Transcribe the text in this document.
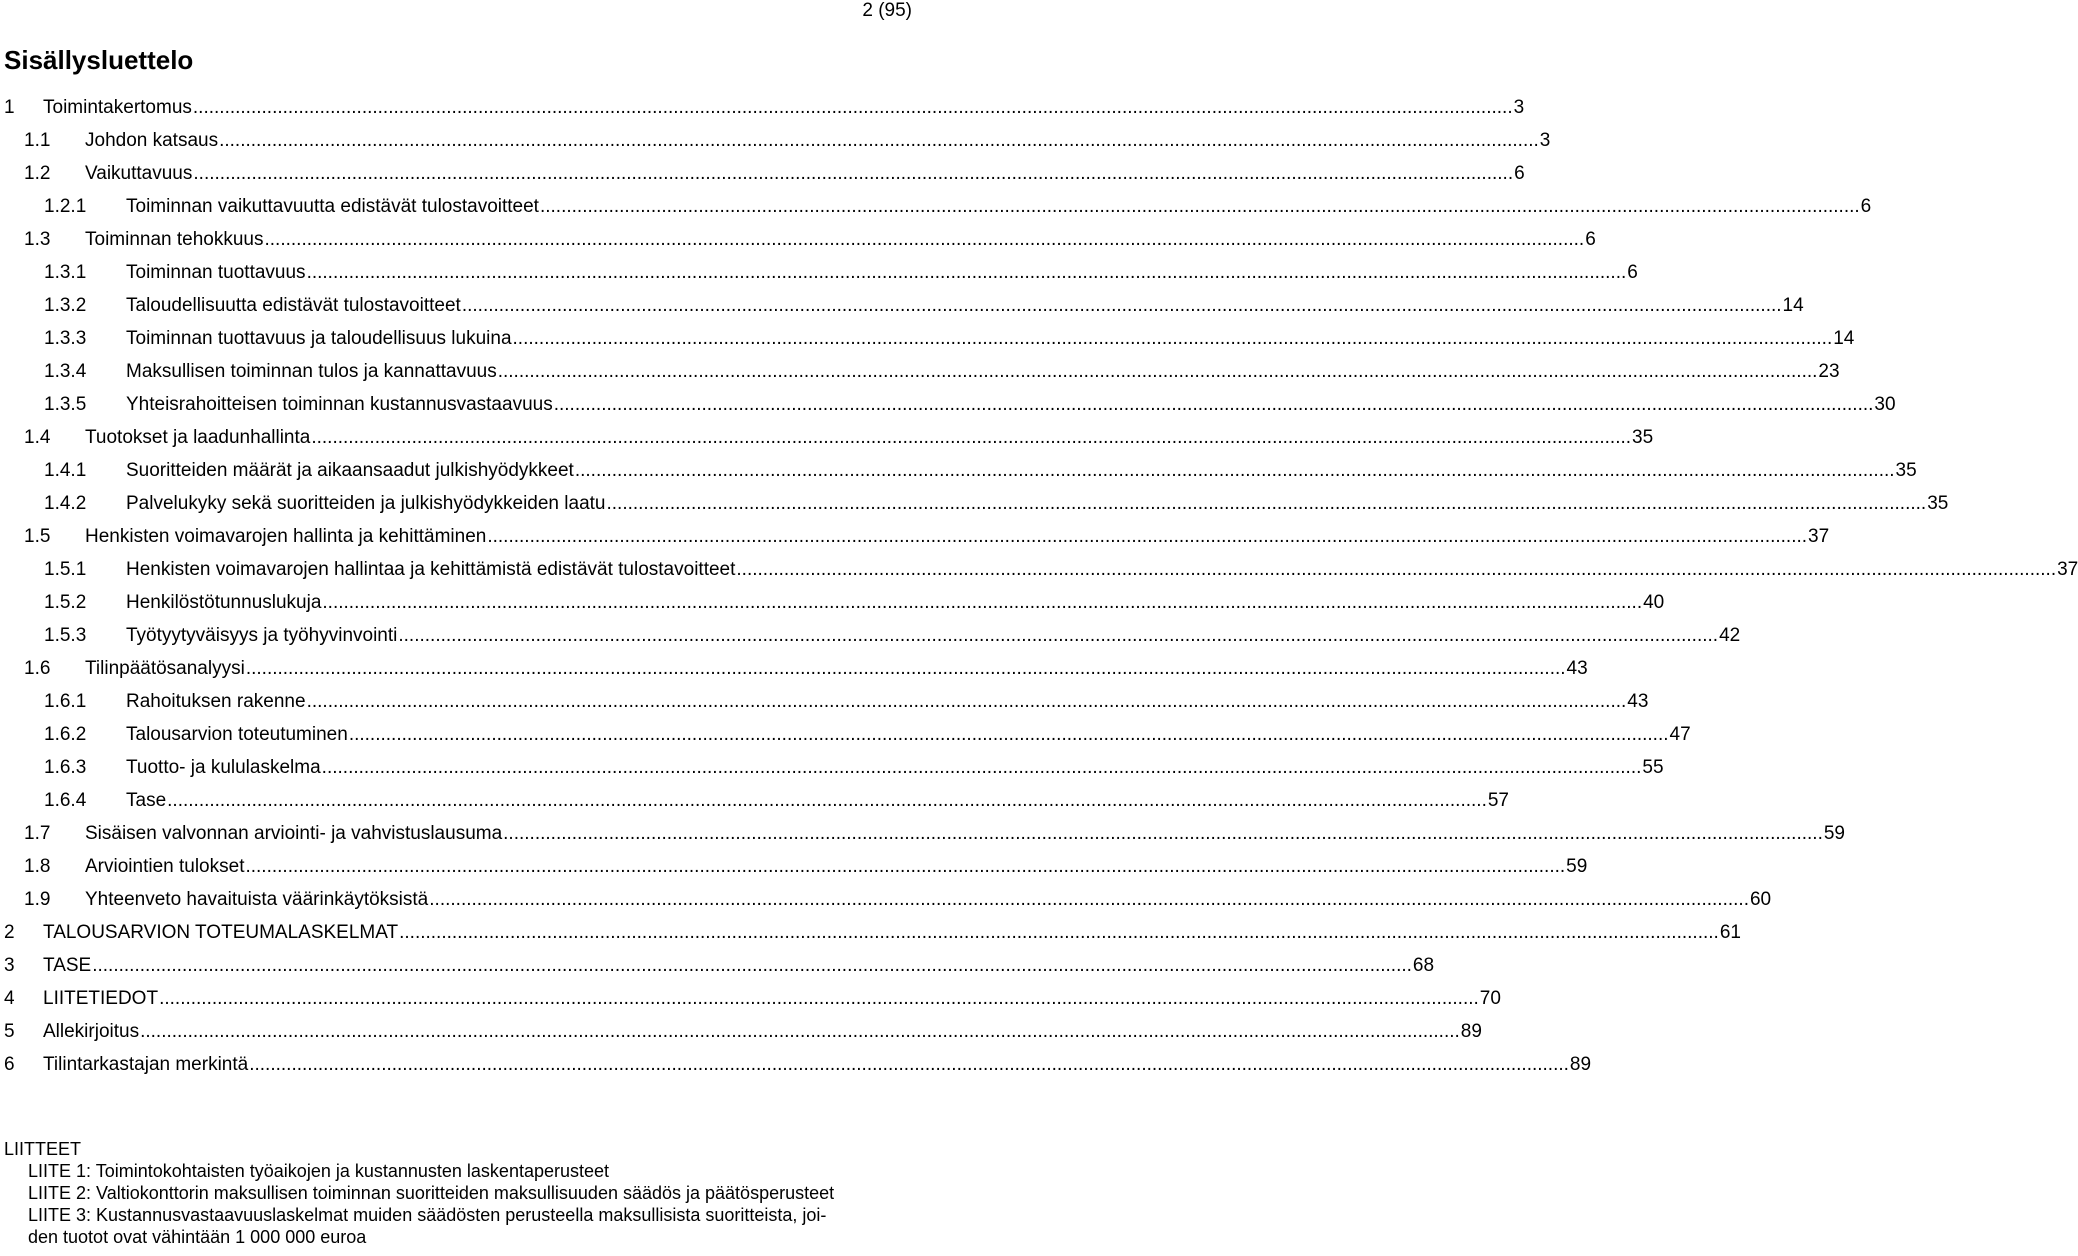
2 (95)
Sisällysluettelo
1	Toimintakertomus .....	3
1.1	Johdon katsaus .....	3
1.2	Vaikuttavuus .....	6
1.2.1	Toiminnan vaikuttavuutta edistävät tulostavoitteet .....	6
1.3	Toiminnan tehokkuus .....	6
1.3.1	Toiminnan tuottavuus .....	6
1.3.2	Taloudellisuutta edistävät tulostavoitteet .....	14
1.3.3	Toiminnan tuottavuus ja taloudellisuus lukuina .....	14
1.3.4	Maksullisen toiminnan tulos ja kannattavuus .....	23
1.3.5	Yhteisrahoitteisen toiminnan kustannusvastaavuus .....	30
1.4	Tuotokset ja laadunhallinta .....	35
1.4.1	Suoritteiden määrät ja aikaansaadut julkishyödykkeet .....	35
1.4.2	Palvelukyky sekä suoritteiden ja julkishyödykkeiden laatu .....	35
1.5	Henkisten voimavarojen hallinta ja kehittäminen .....	37
1.5.1	Henkisten voimavarojen hallintaa ja kehittämistä edistävät tulostavoitteet .....	37
1.5.2	Henkilöstötunnuslukuja .....	40
1.5.3	Työtyytyväisyys ja työhyvinvointi .....	42
1.6	Tilinpäätösanalyysi .....	43
1.6.1	Rahoituksen rakenne .....	43
1.6.2	Talousarvion toteutuminen .....	47
1.6.3	Tuotto- ja kululaskelma .....	55
1.6.4	Tase .....	57
1.7	Sisäisen valvonnan arviointi- ja vahvistuslausuma .....	59
1.8	Arviointien tulokset .....	59
1.9	Yhteenveto havaituista väärinkäytöksistä .....	60
2	TALOUSARVION TOTEUMALASKELMAT .....	61
3	TASE .....	68
4	LIITETIEDOT .....	70
5	Allekirjoitus .....	89
6	Tilintarkastajan merkintä .....	89
LIITTEET
LIITE 1: Toimintokohtaisten työaikojen ja kustannusten laskentaperusteet
LIITE 2: Valtiokonttorin maksullisen toiminnan suoritteiden maksullisuuden säädös ja päätösperusteet
LIITE 3: Kustannusvastaavuuslaskelmat muiden säädösten perusteella maksullisista suoritteista, joi-
den tuotot ovat vähintään 1 000 000 euroa
